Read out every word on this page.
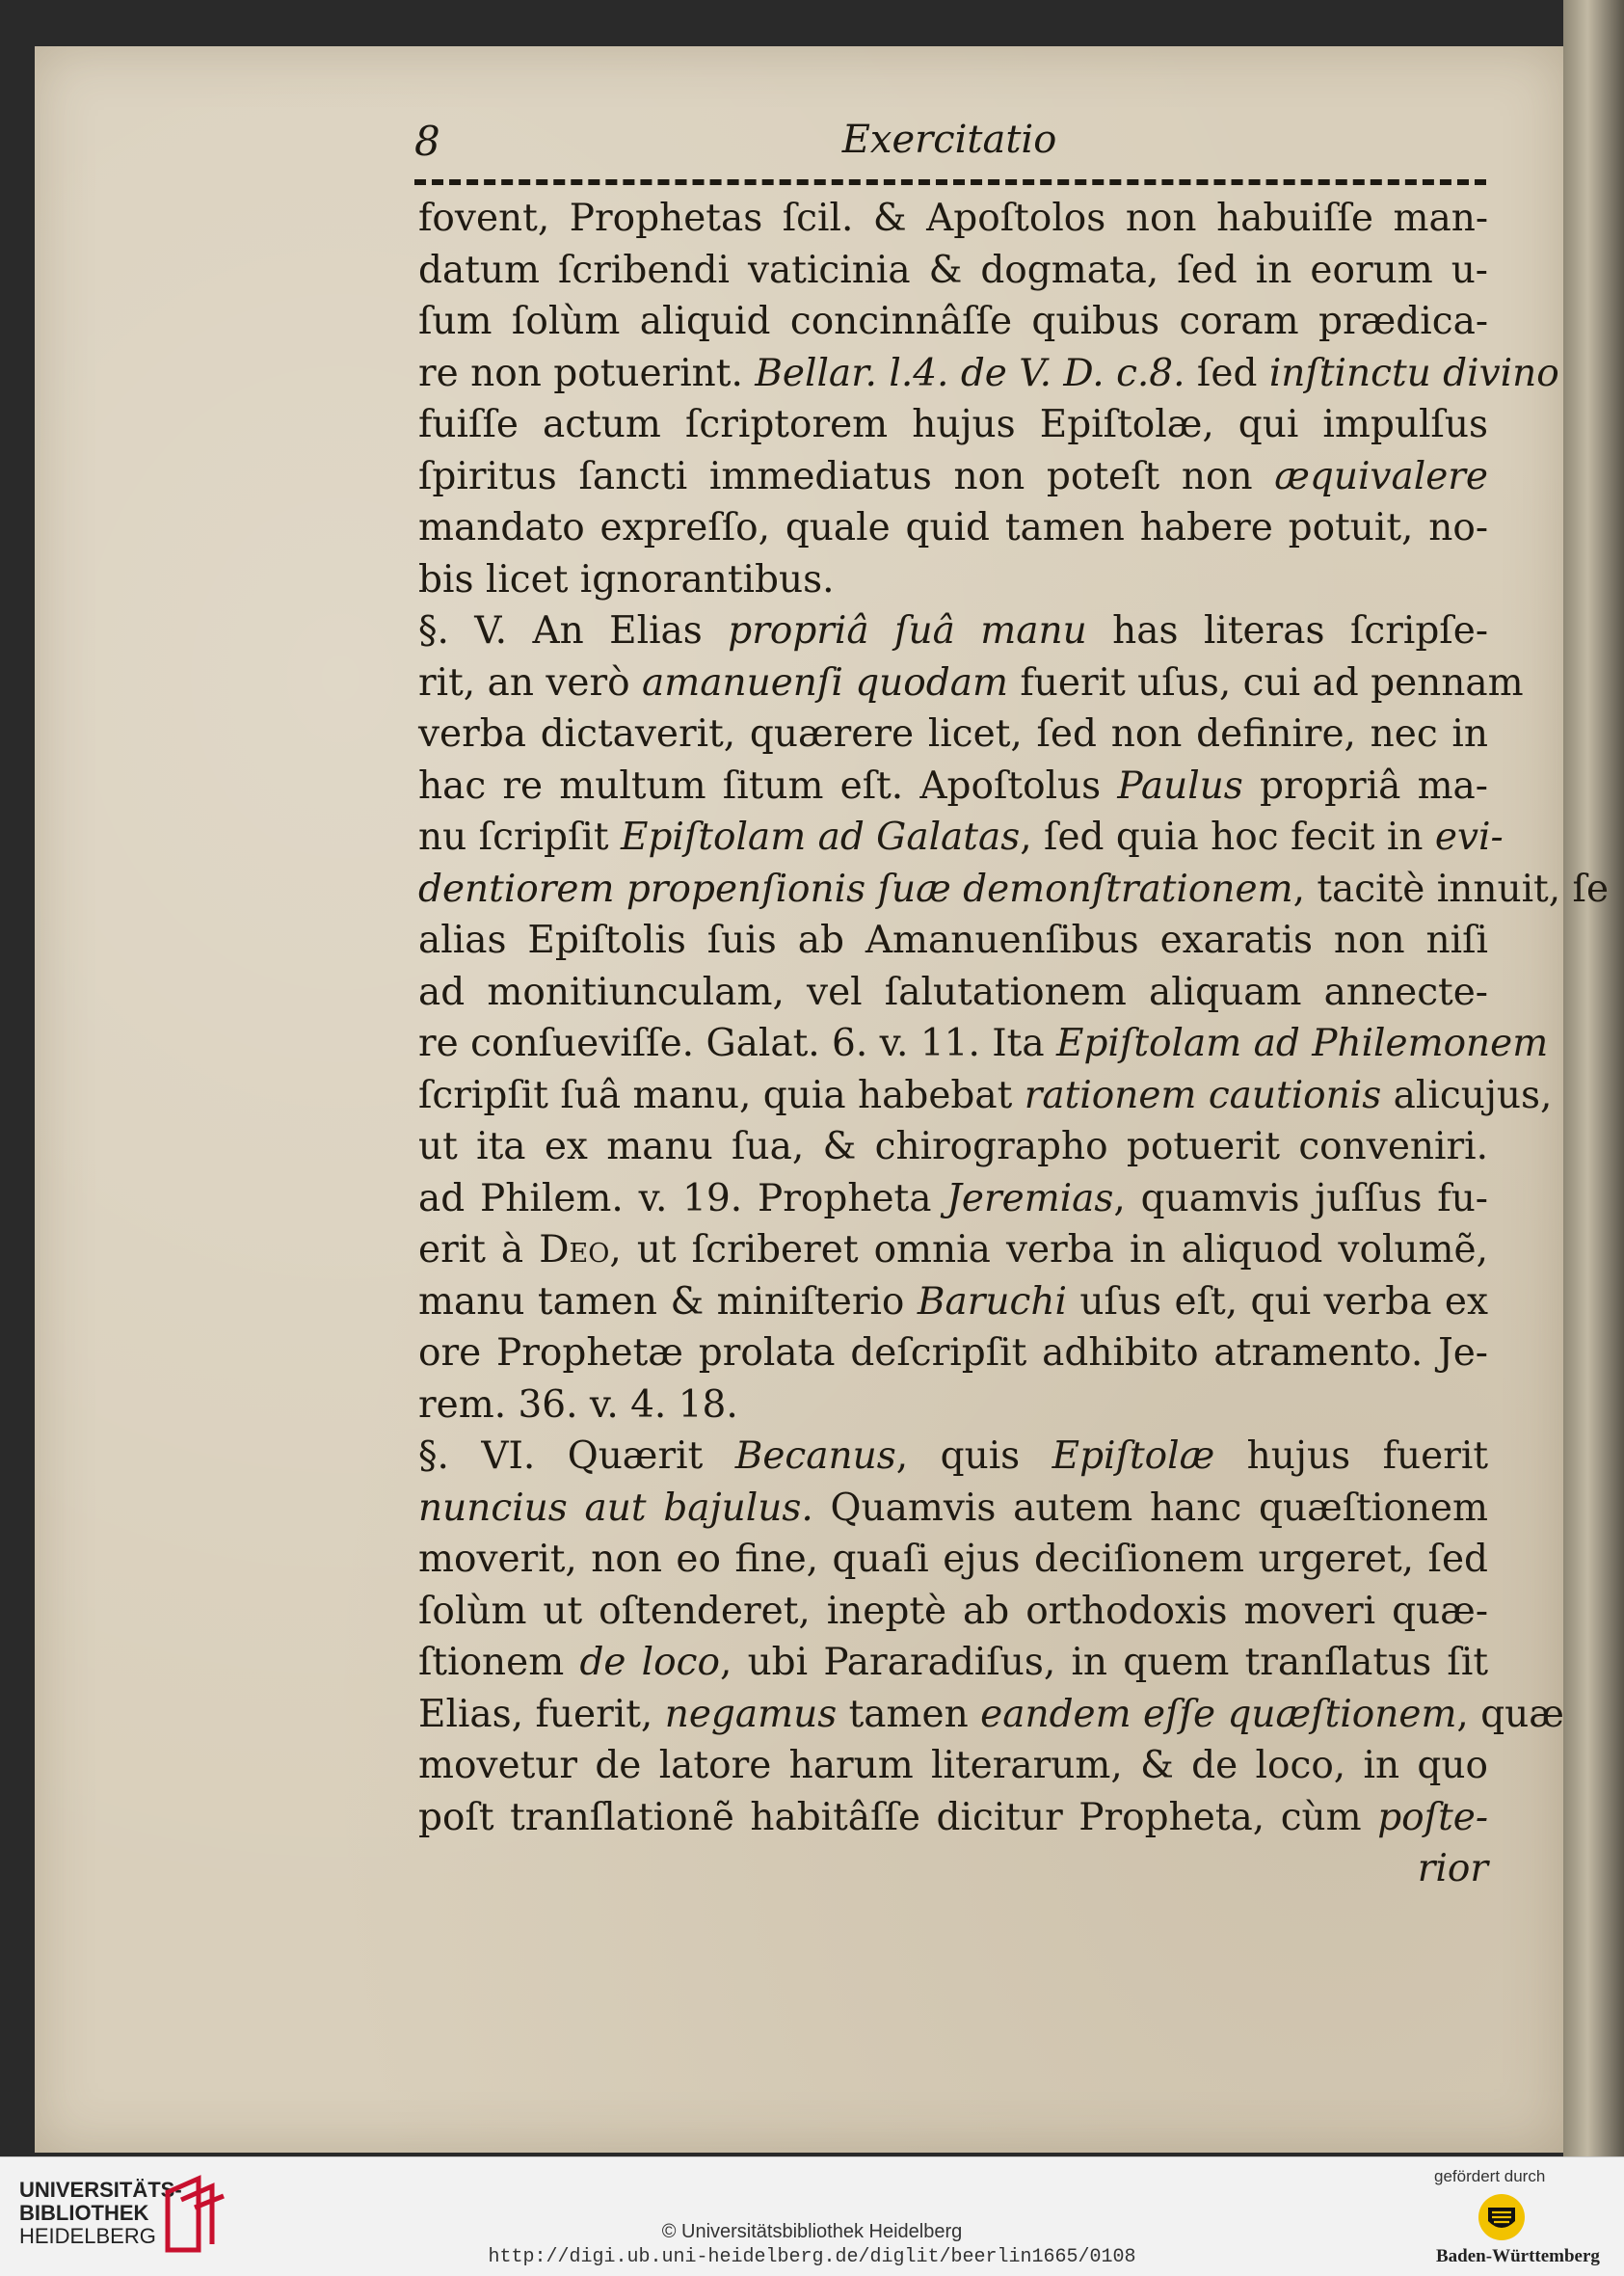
8	Exercitatio
fovent, Prophetas ſcil. & Apoſtolos non habuiſſe man-
datum ſcribendi vaticinia & dogmata, ſed in eorum u-
ſum ſolùm aliquid concinnâſſe quibus coram prædica-
re non potuerint. Bellar. l.4. de V. D. c.8. ſed inſtinctu divino
fuiſſe actum ſcriptorem hujus Epiſtolæ, qui impulſus
ſpiritus ſancti immediatus non poteſt non æquivalere
mandato expreſſo, quale quid tamen habere potuit, no-
bis licet ignorantibus.
§. V. An Elias propriâ ſuâ manu has literas ſcripſe-
rit, an verò amanuenſi quodam fuerit uſus, cui ad pennam
verba dictaverit, quærere licet, ſed non definire, nec in
hac re multum ſitum eſt. Apoſtolus Paulus propriâ ma-
nu ſcripſit Epiſtolam ad Galatas, ſed quia hoc fecit in evi-
dentiorem propenſionis ſuæ demonſtrationem, tacitè innuit, ſe
alias Epiſtolis ſuis ab Amanuenſibus exaratis non niſi
ad monitiunculam, vel ſalutationem aliquam annecte-
re conſueviſſe. Galat. 6. v. 11. Ita Epiſtolam ad Philemonem
ſcripſit ſuâ manu, quia habebat rationem cautionis alicujus,
ut ita ex manu ſua, & chirographo potuerit conveniri.
ad Philem. v. 19. Propheta Jeremias, quamvis juſſus fu-
erit à Deo, ut ſcriberet omnia verba in aliquod volumẽ,
manu tamen & miniſterio Baruchi uſus eſt, qui verba ex
ore Prophetæ prolata deſcripſit adhibito atramento. Je-
rem. 36. v. 4. 18.
§. VI. Quærit Becanus, quis Epiſtolæ hujus fuerit
nuncius aut bajulus. Quamvis autem hanc quæſtionem
moverit, non eo fine, quaſi ejus deciſionem urgeret, ſed
ſolùm ut oſtenderet, ineptè ab orthodoxis moveri quæ-
ſtionem de loco, ubi Pararadiſus, in quem tranſlatus ſit
Elias, fuerit, negamus tamen eandem eſſe quæſtionem, quæ
movetur de latore harum literarum, & de loco, in quo
poſt tranſlationẽ habitâſſe dicitur Propheta, cùm poſte-
rior
UNIVERSITÄTS-
BIBLIOTHEK
HEIDELBERG	© Universitätsbibliothek Heidelberg
http://digi.ub.uni-heidelberg.de/diglit/beerlin1665/0108
gefördert durch
Baden-Württemberg
